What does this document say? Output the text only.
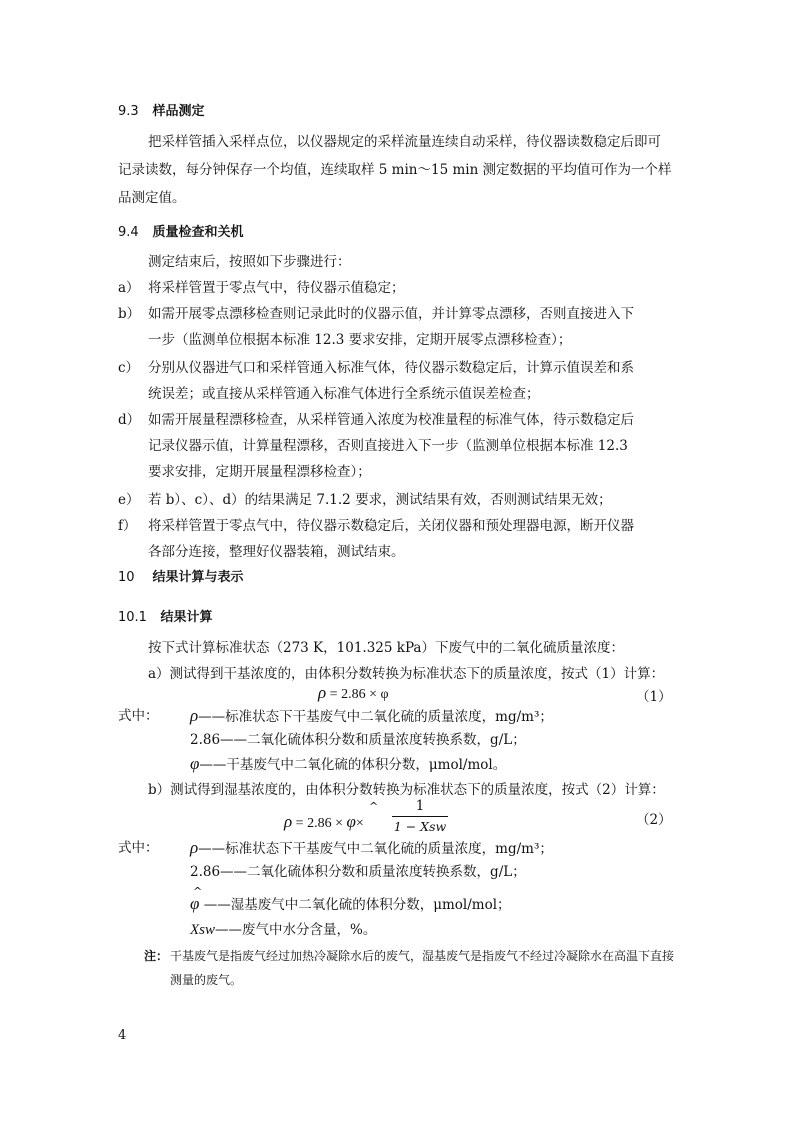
9.3 样品测定
把采样管插入采样点位，以仪器规定的采样流量连续自动采样，待仪器读数稳定后即可
记录读数，每分钟保存一个均值，连续取样 5 min～15 min 测定数据的平均值可作为一个样
品测定值。
9.4 质量检查和关机
测定结束后，按照如下步骤进行：
a） 将采样管置于零点气中，待仪器示值稳定；
b） 如需开展零点漂移检查则记录此时的仪器示值，并计算零点漂移，否则直接进入下
一步（监测单位根据本标准 12.3 要求安排，定期开展零点漂移检查）；
c） 分别从仪器进气口和采样管通入标准气体，待仪器示数稳定后，计算示值误差和系
统误差；或直接从采样管通入标准气体进行全系统示值误差检查；
d） 如需开展量程漂移检查，从采样管通入浓度为校准量程的标准气体，待示数稳定后
记录仪器示值，计算量程漂移，否则直接进入下一步（监测单位根据本标准 12.3
要求安排，定期开展量程漂移检查）；
e） 若 b）、c）、d）的结果满足 7.1.2 要求，测试结果有效，否则测试结果无效；
f） 将采样管置于零点气中，待仪器示数稳定后，关闭仪器和预处理器电源，断开仪器
各部分连接，整理好仪器装箱，测试结束。
10 结果计算与表示
10.1 结果计算
按下式计算标准状态（273 K，101.325 kPa）下废气中的二氧化硫质量浓度：
a）测试得到干基浓度的，由体积分数转换为标准状态下的质量浓度，按式（1）计算：
ρ = 2.86 × φ	（1）
式中： ρ——标准状态下干基废气中二氧化硫的质量浓度，mg/m³；
2.86——二氧化硫体积分数和质量浓度转换系数，g/L；
φ——干基废气中二氧化硫的体积分数，μmol/mol。
b）测试得到湿基浓度的，由体积分数转换为标准状态下的质量浓度，按式（2）计算：
ρ = 2.86 × φ×
^	1
1 − Xsw	（2）
式中： ρ——标准状态下干基废气中二氧化硫的质量浓度，mg/m³；
2.86——二氧化硫体积分数和质量浓度转换系数，g/L；
^
φ ——湿基废气中二氧化硫的体积分数，μmol/mol；
Xsw——废气中水分含量，%。
注： 干基废气是指废气经过加热冷凝除水后的废气，湿基废气是指废气不经过冷凝除水在高温下直接
测量的废气。
4
